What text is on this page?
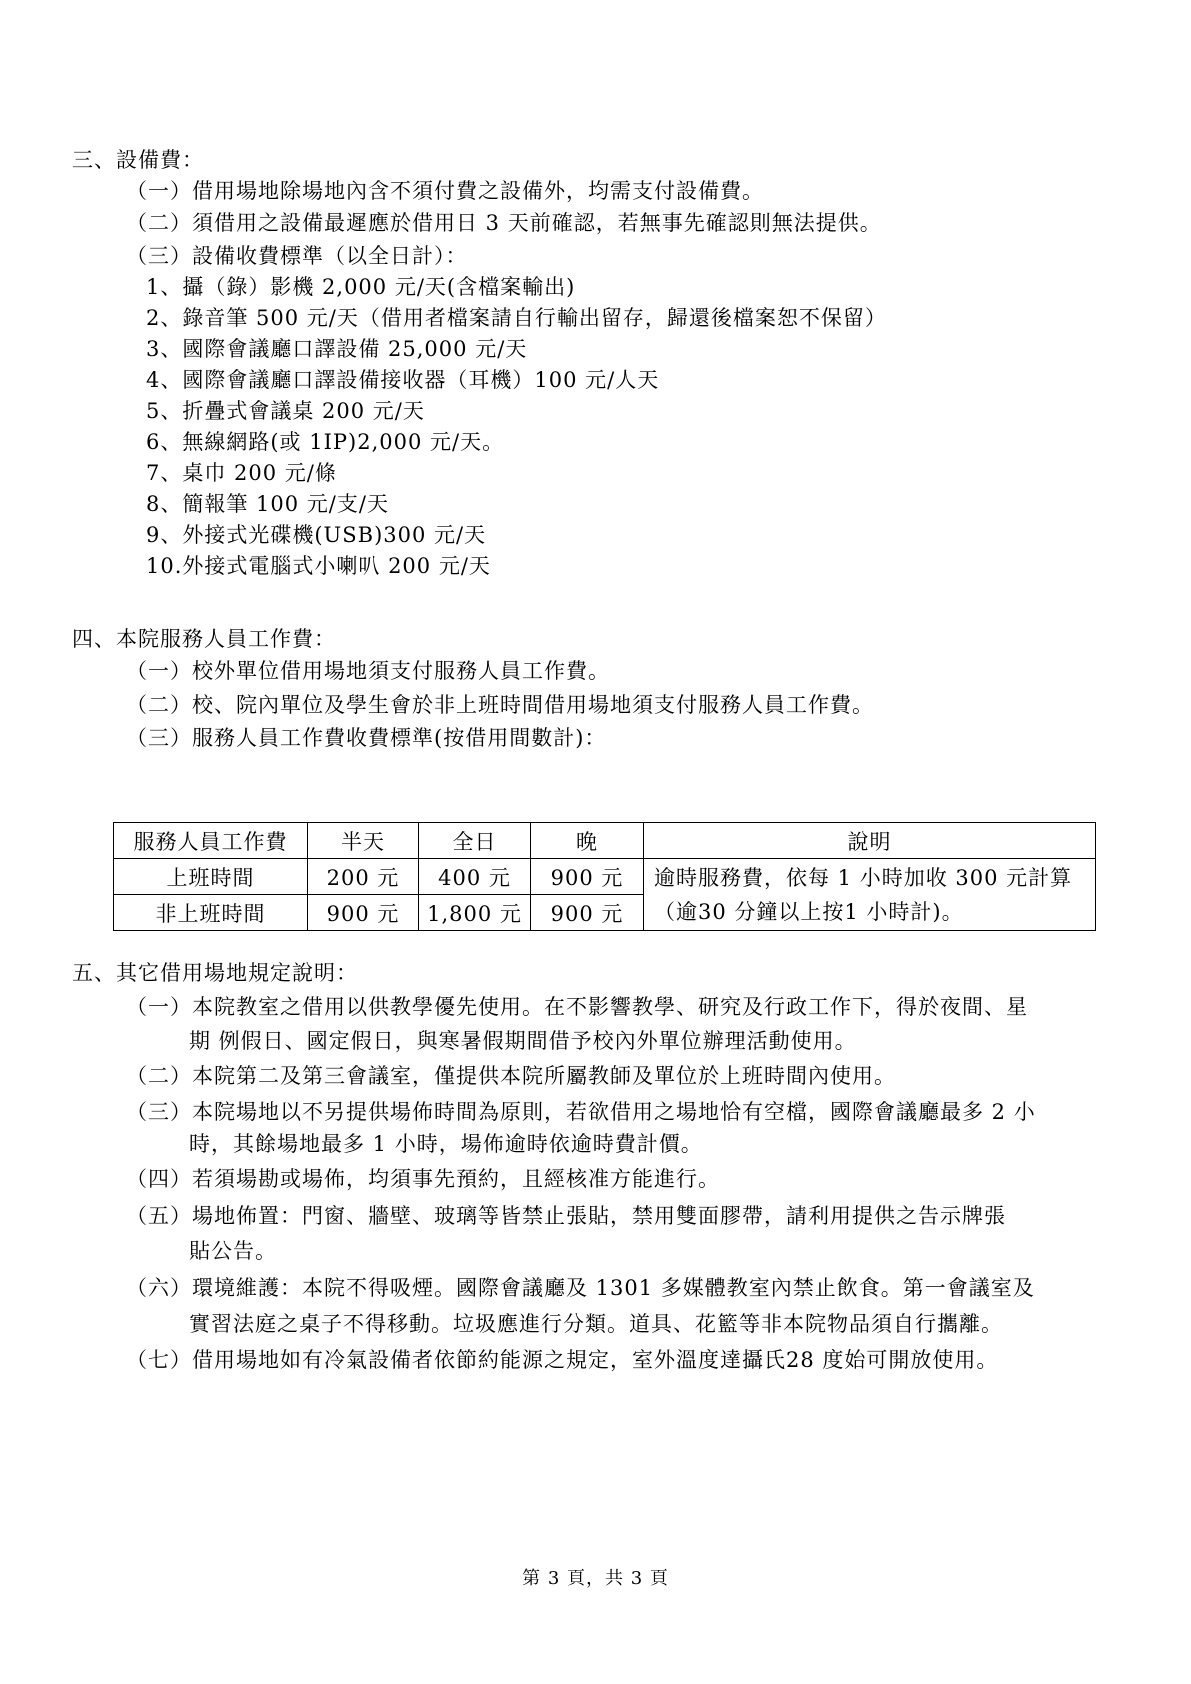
三、設備費：
（一）借用場地除場地內含不須付費之設備外，均需支付設備費。
（二）須借用之設備最遲應於借用日 3 天前確認，若無事先確認則無法提供。
（三）設備收費標準（以全日計）：
1、攝（錄）影機 2,000 元/天(含檔案輸出)
2、錄音筆 500 元/天（借用者檔案請自行輸出留存，歸還後檔案恕不保留）
3、國際會議廳口譯設備 25,000 元/天
4、國際會議廳口譯設備接收器（耳機）100 元/人天
5、折疊式會議桌 200 元/天
6、無線網路(或 1IP)2,000 元/天。
7、桌巾 200 元/條
8、簡報筆 100 元/支/天
9、外接式光碟機(USB)300 元/天
10.外接式電腦式小喇叭 200 元/天
四、本院服務人員工作費：
（一）校外單位借用場地須支付服務人員工作費。
（二）校、院內單位及學生會於非上班時間借用場地須支付服務人員工作費。
（三）服務人員工作費收費標準(按借用間數計)：
服務人員工作費	半天	全日	晚	說明
上班時間	200 元	400 元	900 元	逾時服務費，依每 1 小時加收 300 元計算
（逾30 分鐘以上按1 小時計)。

非上班時間	900 元	1,800 元	900 元	
五、其它借用場地規定說明：
（一）本院教室之借用以供教學優先使用。在不影響教學、研究及行政工作下，得於夜間、星
期 例假日、國定假日，與寒暑假期間借予校內外單位辦理活動使用。
（二）本院第二及第三會議室，僅提供本院所屬教師及單位於上班時間內使用。
（三）本院場地以不另提供場佈時間為原則，若欲借用之場地恰有空檔，國際會議廳最多 2 小
時，其餘場地最多 1 小時，場佈逾時依逾時費計價。
（四）若須場勘或場佈，均須事先預約，且經核准方能進行。
（五）場地佈置：門窗、牆壁、玻璃等皆禁止張貼，禁用雙面膠帶，請利用提供之告示牌張
貼公告。
（六）環境維護：本院不得吸煙。國際會議廳及 1301 多媒體教室內禁止飲食。第一會議室及
實習法庭之桌子不得移動。垃圾應進行分類。道具、花籃等非本院物品須自行攜離。
（七）借用場地如有冷氣設備者依節約能源之規定，室外溫度達攝氏28 度始可開放使用。
第 3 頁，共 3 頁
